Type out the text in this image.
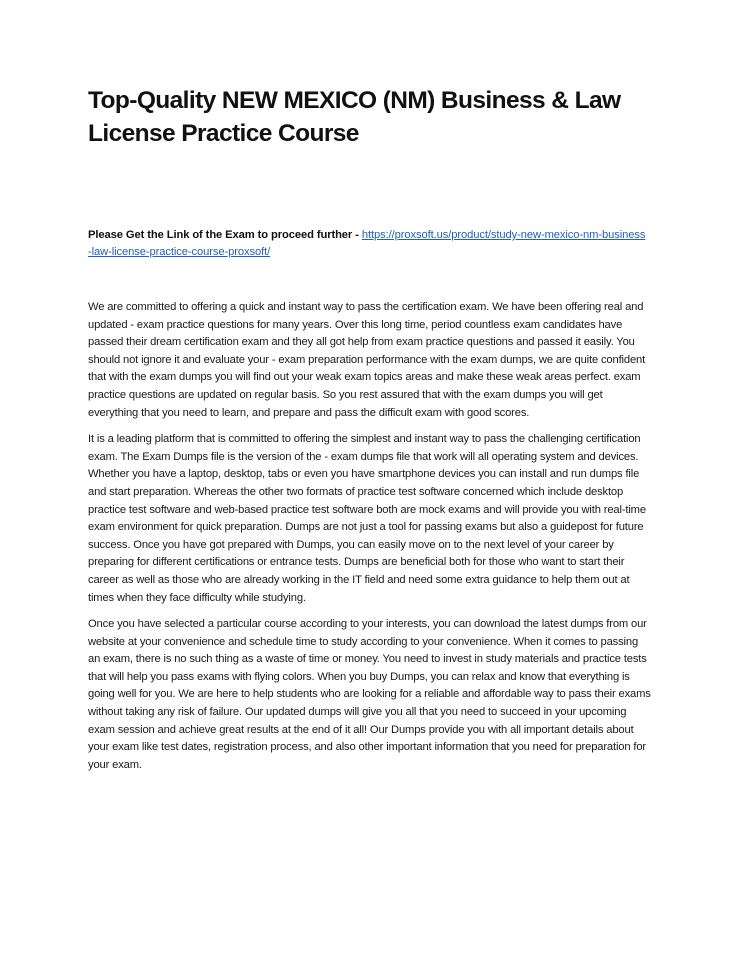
Top-Quality NEW MEXICO (NM) Business & Law License Practice Course

Please Get the Link of the Exam to proceed further - https://proxsoft.us/product/study-new-mexico-nm-business-law-license-practice-course-proxsoft/

We are committed to offering a quick and instant way to pass the certification exam. We have been offering real and updated - exam practice questions for many years. Over this long time, period countless exam candidates have passed their dream certification exam and they all got help from exam practice questions and passed it easily. You should not ignore it and evaluate your - exam preparation performance with the exam dumps, we are quite confident that with the exam dumps you will find out your weak exam topics areas and make these weak areas perfect. exam practice questions are updated on regular basis. So you rest assured that with the exam dumps you will get everything that you need to learn, and prepare and pass the difficult exam with good scores.

It is a leading platform that is committed to offering the simplest and instant way to pass the challenging certification exam. The Exam Dumps file is the version of the - exam dumps file that work will all operating system and devices. Whether you have a laptop, desktop, tabs or even you have smartphone devices you can install and run dumps file and start preparation. Whereas the other two formats of practice test software concerned which include desktop practice test software and web-based practice test software both are mock exams and will provide you with real-time exam environment for quick preparation. Dumps are not just a tool for passing exams but also a guidepost for future success. Once you have got prepared with Dumps, you can easily move on to the next level of your career by preparing for different certifications or entrance tests. Dumps are beneficial both for those who want to start their career as well as those who are already working in the IT field and need some extra guidance to help them out at times when they face difficulty while studying.

Once you have selected a particular course according to your interests, you can download the latest dumps from our website at your convenience and schedule time to study according to your convenience. When it comes to passing an exam, there is no such thing as a waste of time or money. You need to invest in study materials and practice tests that will help you pass exams with flying colors. When you buy Dumps, you can relax and know that everything is going well for you. We are here to help students who are looking for a reliable and affordable way to pass their exams without taking any risk of failure. Our updated dumps will give you all that you need to succeed in your upcoming exam session and achieve great results at the end of it all! Our Dumps provide you with all important details about your exam like test dates, registration process, and also other important information that you need for preparation for your exam.
